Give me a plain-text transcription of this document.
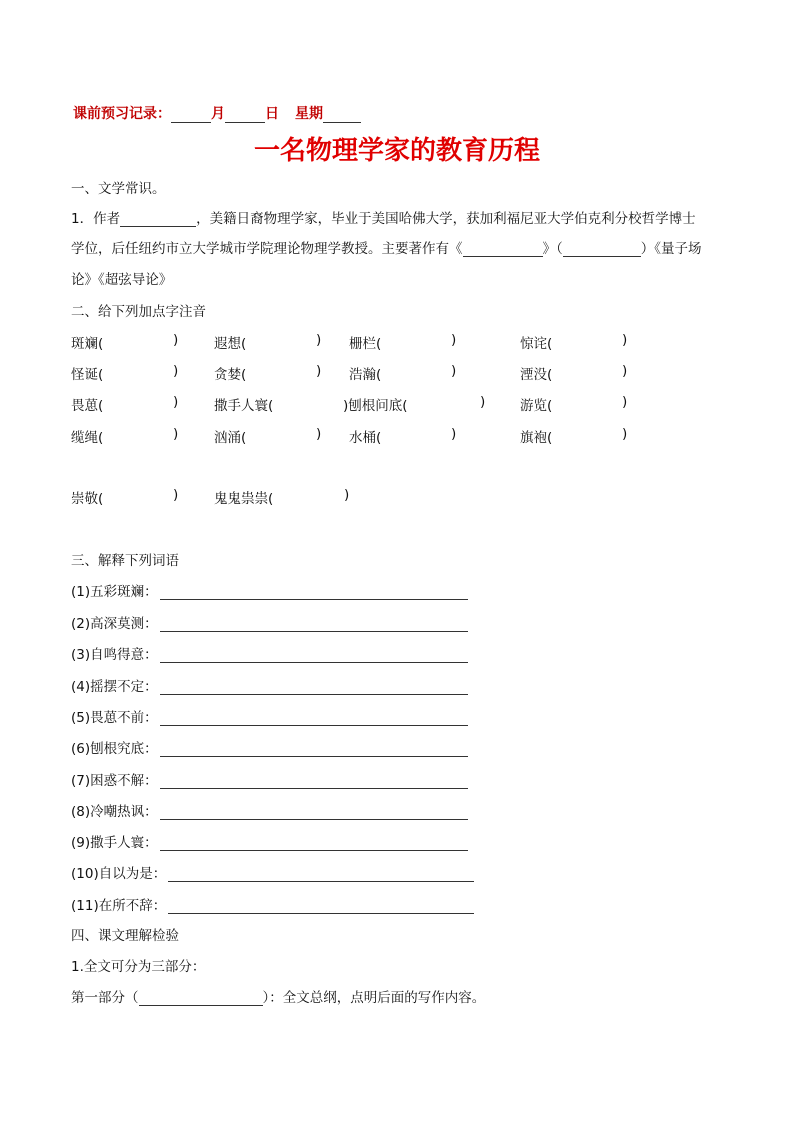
课前预习记录：	月	日 星期
一名物理学家的教育历程
一、文学常识。
1．作者	，美籍日裔物理学家，毕业于美国哈佛大学，获加利福尼亚大学伯克利分校哲学博士
学位，后任纽约市立大学城市学院理论物理学教授。主要著作有《	》（	）《量子场
论》《超弦导论》
二、给下列加点字注音
斑斓(	)	遐想(	) 栅栏(	)	惊诧(	)
怪诞(	)	贪婪(	) 浩瀚(	)	湮没(	)
畏葸(	)	撒手人寰(	)刨根问底(	)	游览(	)
缆绳(	)	汹涌(	) 水桶(	)	旗袍(	)
崇敬(	)	鬼鬼祟祟(	)
三、解释下列词语
(1)五彩斑斓：
(2)高深莫测：
(3)自鸣得意：
(4)摇摆不定：
(5)畏葸不前：
(6)刨根究底：
(7)困惑不解：
(8)冷嘲热讽：
(9)撒手人寰：
(10)自以为是：
(11)在所不辞：
四、课文理解检验
1.全文可分为三部分：
第一部分（	）：全文总纲，点明后面的写作内容。
